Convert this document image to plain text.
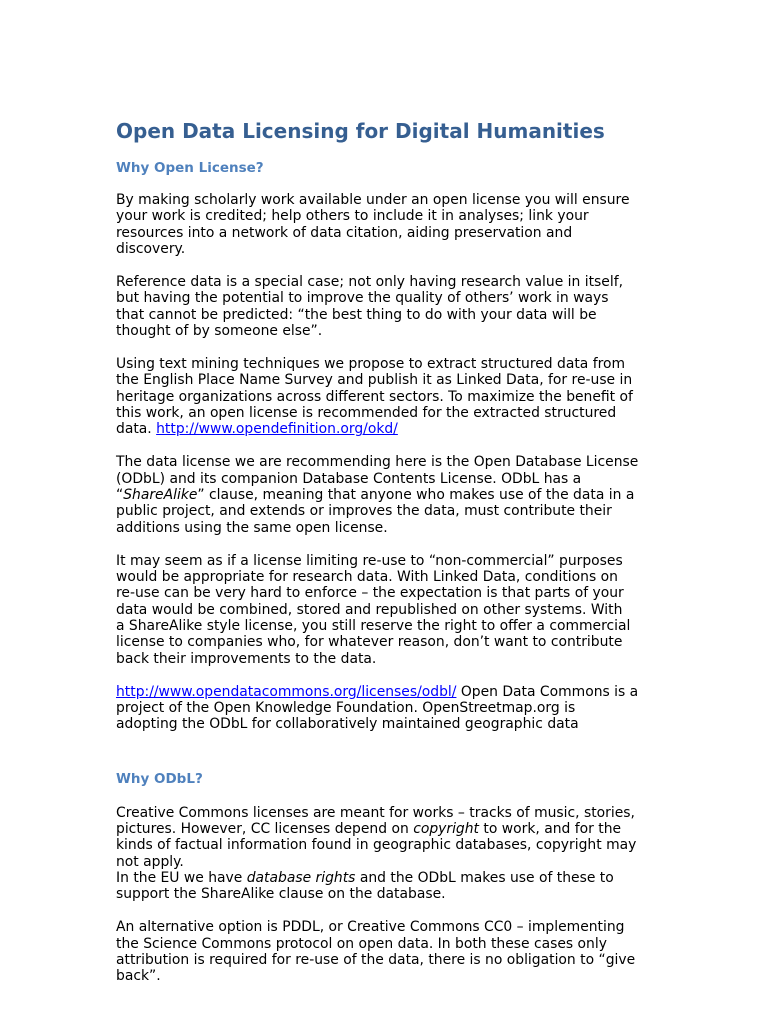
Open Data Licensing for Digital Humanities
Why Open License?

By making scholarly work available under an open license you will ensure
your work is credited; help others to include it in analyses; link your
resources into a network of data citation, aiding preservation and
discovery.

Reference data is a special case; not only having research value in itself,
but having the potential to improve the quality of others’ work in ways
that cannot be predicted: “the best thing to do with your data will be
thought of by someone else”.

Using text mining techniques we propose to extract structured data from
the English Place Name Survey and publish it as Linked Data, for re-use in
heritage organizations across different sectors. To maximize the benefit of
this work, an open license is recommended for the extracted structured
data. http://www.opendefinition.org/okd/

The data license we are recommending here is the Open Database License
(ODbL) and its companion Database Contents License. ODbL has a
“ShareAlike” clause, meaning that anyone who makes use of the data in a
public project, and extends or improves the data, must contribute their
additions using the same open license.

It may seem as if a license limiting re-use to “non-commercial” purposes
would be appropriate for research data. With Linked Data, conditions on
re-use can be very hard to enforce – the expectation is that parts of your
data would be combined, stored and republished on other systems. With
a ShareAlike style license, you still reserve the right to offer a commercial
license to companies who, for whatever reason, don’t want to contribute
back their improvements to the data.

http://www.opendatacommons.org/licenses/odbl/ Open Data Commons is a
project of the Open Knowledge Foundation. OpenStreetmap.org is
adopting the ODbL for collaboratively maintained geographic data

Why ODbL?

Creative Commons licenses are meant for works – tracks of music, stories,
pictures. However, CC licenses depend on copyright to work, and for the
kinds of factual information found in geographic databases, copyright may
not apply.
In the EU we have database rights and the ODbL makes use of these to
support the ShareAlike clause on the database.

An alternative option is PDDL, or Creative Commons CC0 – implementing
the Science Commons protocol on open data. In both these cases only
attribution is required for re-use of the data, there is no obligation to “give
back”.
